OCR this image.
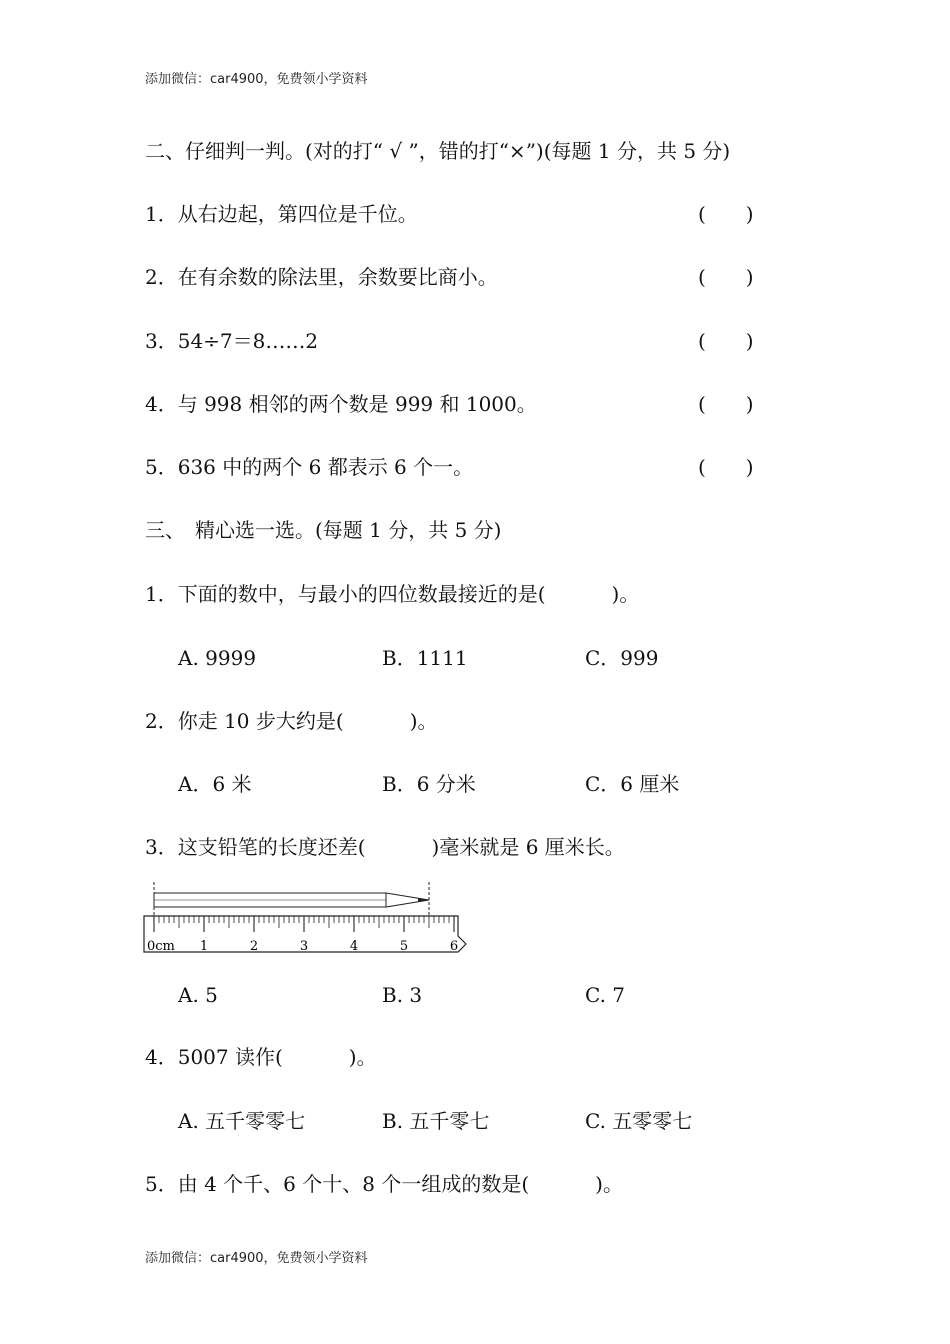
添加微信：car4900，免费领小学资料
二、仔细判一判。(对的打“ √ ”，错的打“×”)(每题 1 分，共 5 分)
1．从右边起，第四位是千位。	(　　)
2．在有余数的除法里，余数要比商小。	(　　)
3．54÷7＝8……2	(　　)
4．与 998 相邻的两个数是 999 和 1000。	(　　)
5．636 中的两个 6 都表示 6 个一。	(　　)
三、　精心选一选。(每题 1 分，共 5 分)
1．下面的数中，与最小的四位数最接近的是(	)。
A. 9999	B．1111	C．999
2．你走 10 步大约是(	)。
A．6 米	B．6 分米	C．6 厘米
3．这支铅笔的长度还差(	)毫米就是 6 厘米长。
0cm 1	2	3	4	5	6
A. 5	B. 3	C. 7
4．5007 读作(	)。
A. 五千零零七	B. 五千零七	C. 五零零七
5．由 4 个千、6 个十、8 个一组成的数是(	)。
添加微信：car4900，免费领小学资料
